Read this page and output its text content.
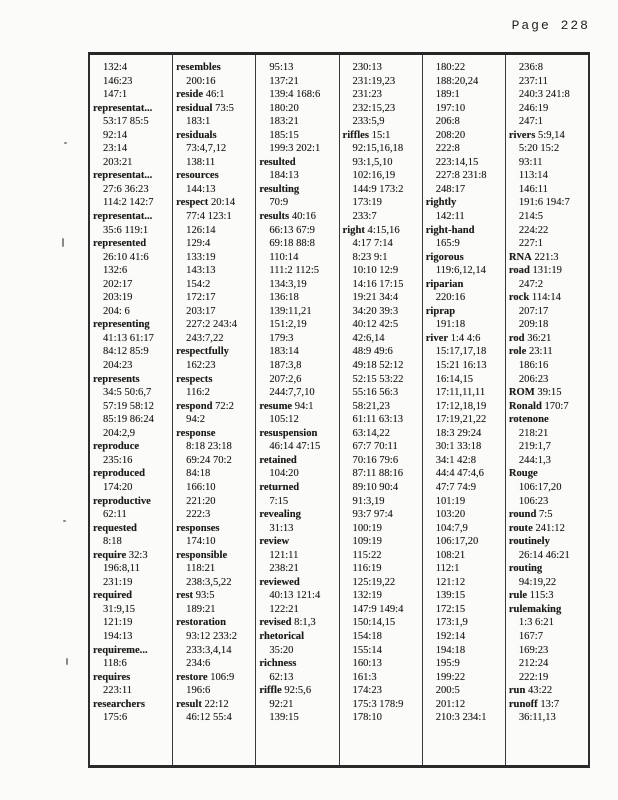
Page 228
132:4
146:23
147:1
representat...
53:17 85:5
92:14
23:14
203:21
representat...
27:6 36:23
114:2 142:7
representat...
35:6 119:1
represented
26:10 41:6
132:6
202:17
203:19
204: 6
representing
41:13 61:17
84:12 85:9
204:23
represents
34:5 50:6,7
57:19 58:12
85:19 86:24
204:2,9
reproduce
235:16
reproduced
174:20
reproductive
62:11
requested
8:18
require 32:3
196:8,11
231:19
required
31:9,15
121:19
194:13
requireme...
118:6
requires
223:11
researchers
175:6
resembles
200:16
reside 46:1
residual 73:5
183:1
residuals
73:4,7,12
138:11
resources
144:13
respect 20:14
77:4 123:1
126:14
129:4
133:19
143:13
154:2
172:17
203:17
227:2 243:4
243:7,22
respectfully
162:23
respects
116:2
respond 72:2
94:2
response
8:18 23:18
69:24 70:2
84:18
166:10
221:20
222:3
responses
174:10
responsible
118:21
238:3,5,22
rest 93:5
189:21
restoration
93:12 233:2
233:3,4,14
234:6
restore 106:9
196:6
result 22:12
46:12 55:4
95:13
137:21
139:4 168:6
180:20
183:21
185:15
199:3 202:1
resulted
184:13
resulting
70:9
results 40:16
66:13 67:9
69:18 88:8
110:14
111:2 112:5
134:3,19
136:18
139:11,21
151:2,19
179:3
183:14
187:3,8
207:2,6
244:7,7,10
resume 94:1
105:12
resuspension
46:14 47:15
retained
104:20
returned
7:15
revealing
31:13
review
121:11
238:21
reviewed
40:13 121:4
122:21
revised 8:1,3
rhetorical
35:20
richness
62:13
riffle 92:5,6
92:21
139:15
230:13
231:19,23
231:23
232:15,23
233:5,9
riffles 15:1
92:15,16,18
93:1,5,10
102:16,19
144:9 173:2
173:19
233:7
right 4:15,16
4:17 7:14
8:23 9:1
10:10 12:9
14:16 17:15
19:21 34:4
34:20 39:3
40:12 42:5
42:6,14
48:9 49:6
49:18 52:12
52:15 53:22
55:16 56:3
58:21,23
61:11 63:13
63:14,22
67:7 70:11
70:16 79:6
87:11 88:16
89:10 90:4
91:3,19
93:7 97:4
100:19
109:19
115:22
116:19
125:19,22
132:19
147:9 149:4
150:14,15
154:18
155:14
160:13
161:3
174:23
175:3 178:9
178:10
180:22
188:20,24
189:1
197:10
206:8
208:20
222:8
223:14,15
227:8 231:8
248:17
rightly
142:11
right-hand
165:9
rigorous
119:6,12,14
riparian
220:16
riprap
191:18
river 1:4 4:6
15:17,17,18
15:21 16:13
16:14,15
17:11,11,11
17:12,18,19
17:19,21,22
18:3 29:24
30:1 33:18
34:1 42:8
44:4 47:4,6
47:7 74:9
101:19
103:20
104:7,9
106:17,20
108:21
112:1
121:12
139:15
172:15
173:1,9
192:14
194:18
195:9
199:22
200:5
201:12
210:3 234:1
236:8
237:11
240:3 241:8
246:19
247:1
rivers 5:9,14
5:20 15:2
93:11
113:14
146:11
191:6 194:7
214:5
224:22
227:1
RNA 221:3
road 131:19
247:2
rock 114:14
207:17
209:18
rod 36:21
role 23:11
186:16
206:23
ROM 39:15
Ronald 170:7
rotenone
218:21
219:1,7
244:1,3
Rouge
106:17,20
106:23
round 7:5
route 241:12
routinely
26:14 46:21
routing
94:19,22
rule 115:3
rulemaking
1:3 6:21
167:7
169:23
212:24
222:19
run 43:22
runoff 13:7
36:11,13
